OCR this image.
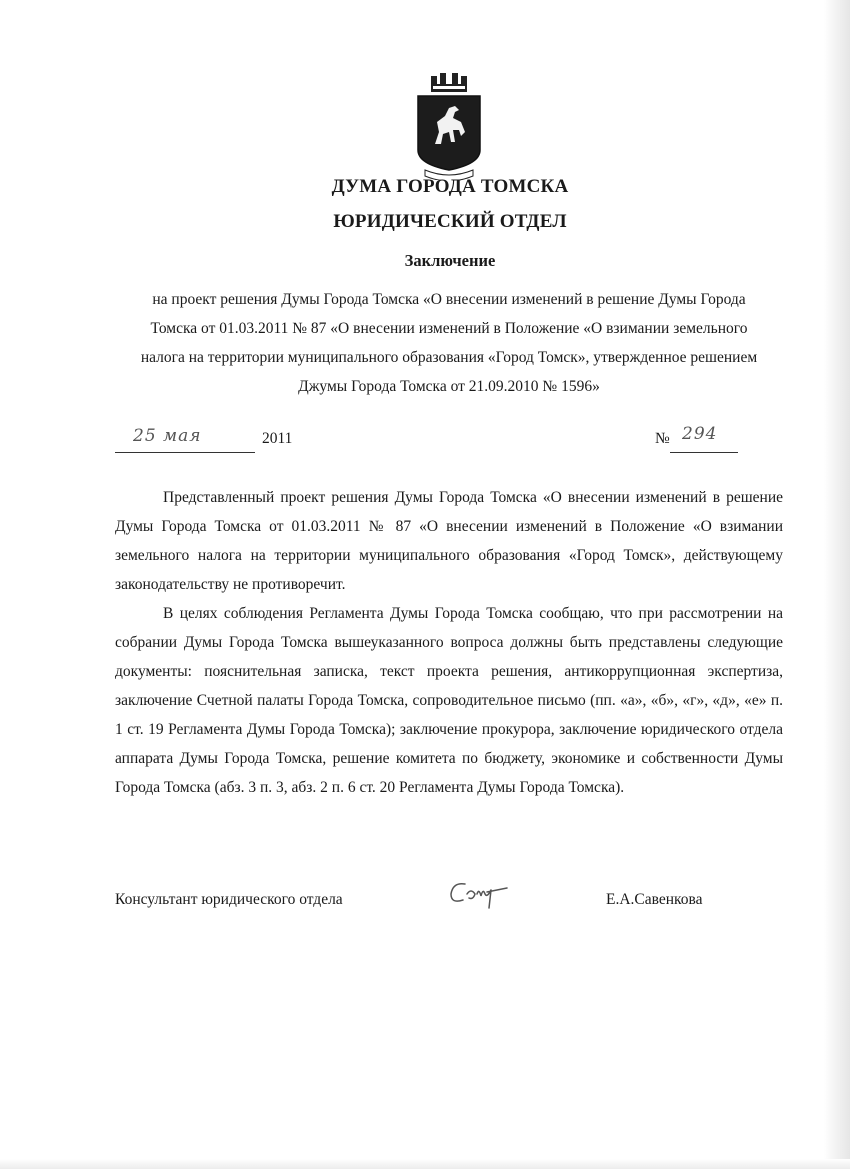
ДУМА ГОРОДА ТОМСКА
ЮРИДИЧЕСКИЙ ОТДЕЛ
Заключение
на проект решения Думы Города Томска «О внесении изменений в решение Думы Города
Томска от 01.03.2011 № 87 «О внесении изменений в Положение «О взимании земельного
налога на территории муниципального образования «Город Томск», утвержденное решением
Джумы Города Томска от 21.09.2010 № 1596»
25 мая	2011	№ 294

Представленный проект решения Думы Города Томска «О внесении изменений в решение Думы Города Томска от 01.03.2011 № 87 «О внесении изменений в Положение «О взимании земельного налога на территории муниципального образования «Город Томск», действующему законодательству не противоречит.

В целях соблюдения Регламента Думы Города Томска сообщаю, что при рассмотрении на собрании Думы Города Томска вышеуказанного вопроса должны быть представлены следующие документы: пояснительная записка, текст проекта решения, антикоррупционная экспертиза, заключение Счетной палаты Города Томска, сопроводительное письмо (пп. «а», «б», «г», «д», «е» п. 1 ст. 19 Регламента Думы Города Томска); заключение прокурора, заключение юридического отдела аппарата Думы Города Томска, решение комитета по бюджету, экономике и собственности Думы Города Томска (абз. 3 п. 3, абз. 2 п. 6 ст. 20 Регламента Думы Города Томска).

Консультант юридического отдела	Е.А.Савенкова
